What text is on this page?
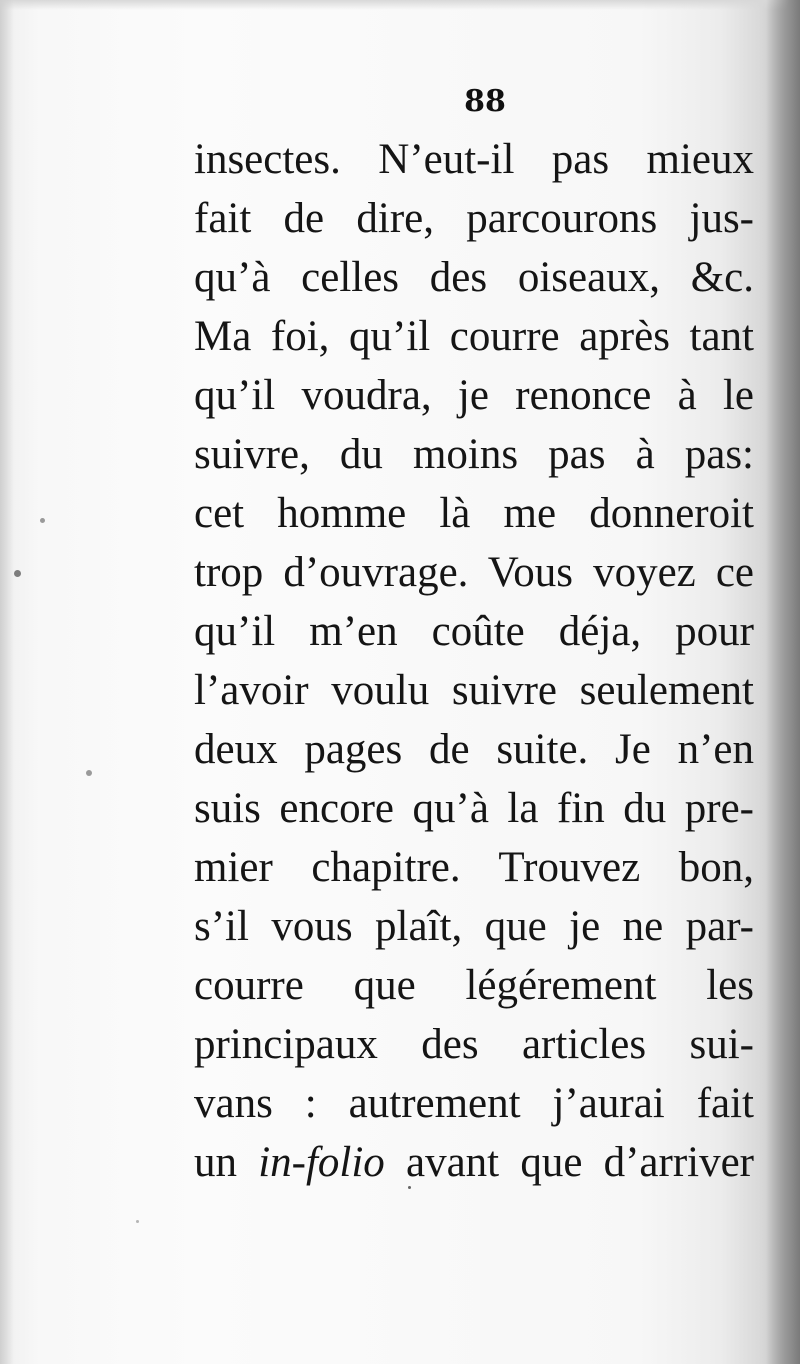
88
insectes. N’eut-il pas mieux
fait de dire, parcourons jus-
qu’à celles des oiseaux, &c.
Ma foi, qu’il courre après tant
qu’il voudra, je renonce à le
suivre, du moins pas à pas:
cet homme là me donneroit
trop d’ouvrage. Vous voyez ce
qu’il m’en coûte déja, pour
l’avoir voulu suivre seulement
deux pages de suite. Je n’en
suis encore qu’à la fin du pre-
mier chapitre. Trouvez bon,
s’il vous plaît, que je ne par-
courre que légérement les
principaux des articles sui-
vans : autrement j’aurai fait
un in-folio avant que d’arriver
